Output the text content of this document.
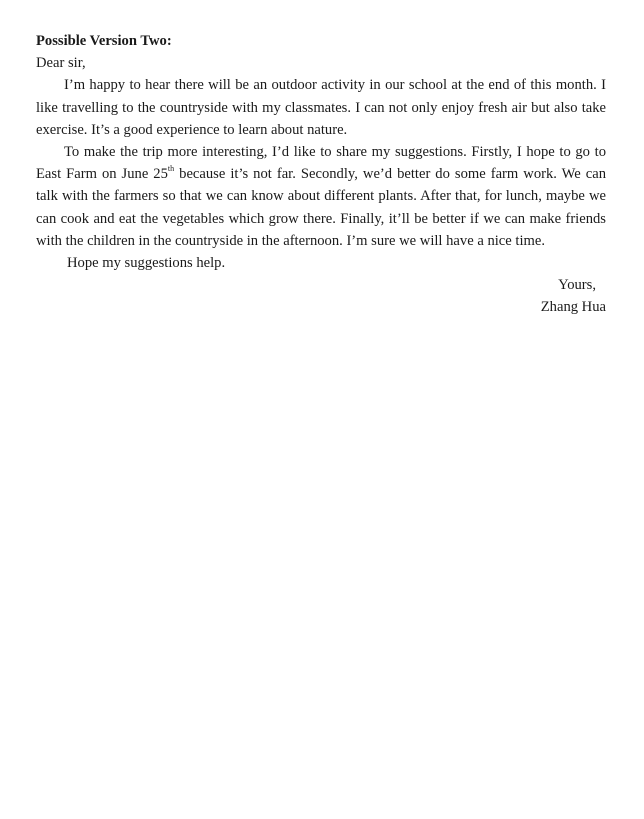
Possible Version Two:

Dear sir,

I’m happy to hear there will be an outdoor activity in our school at the end of this month. I like travelling to the countryside with my classmates. I can not only enjoy fresh air but also take exercise. It’s a good experience to learn about nature.

To make the trip more interesting, I’d like to share my suggestions. Firstly, I hope to go to East Farm on June 25th because it’s not far. Secondly, we’d better do some farm work. We can talk with the farmers so that we can know about different plants. After that, for lunch, maybe we can cook and eat the vegetables which grow there. Finally, it’ll be better if we can make friends with the children in the countryside in the afternoon. I’m sure we will have a nice time.

Hope my suggestions help.

Yours,

Zhang Hua
